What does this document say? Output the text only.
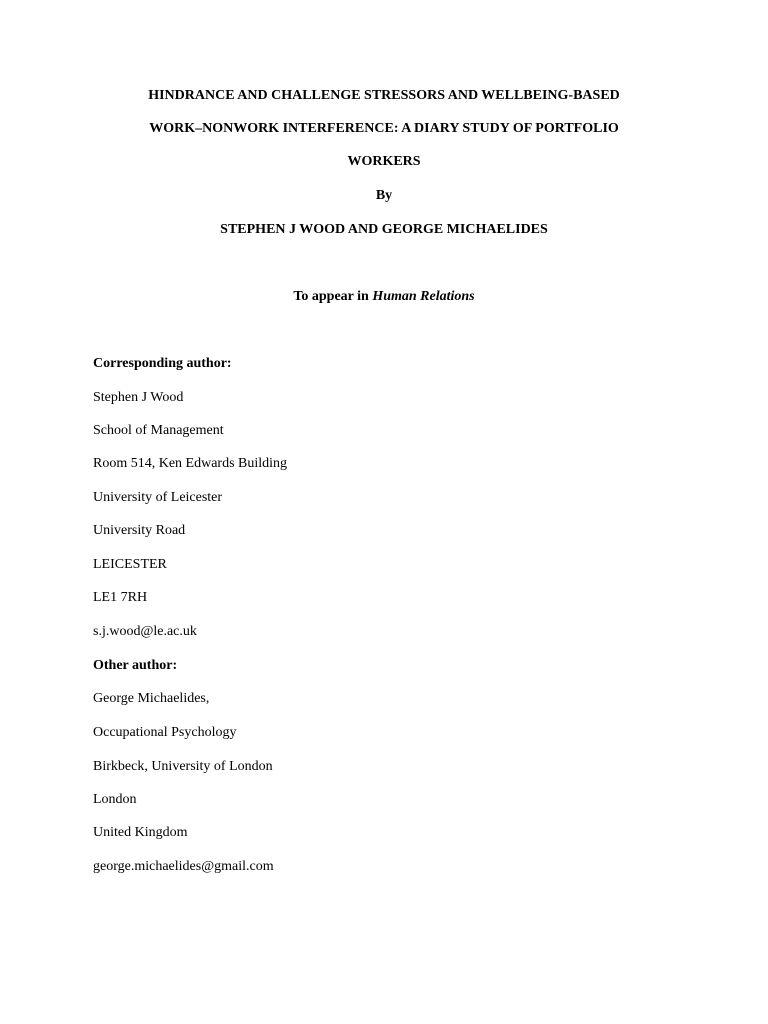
HINDRANCE AND CHALLENGE STRESSORS AND WELLBEING-BASED
WORK–NONWORK INTERFERENCE: A DIARY STUDY OF PORTFOLIO
WORKERS
By
STEPHEN J WOOD AND GEORGE MICHAELIDES
To appear in Human Relations
Corresponding author:
Stephen J Wood
School of Management
Room 514, Ken Edwards Building
University of Leicester
University Road
LEICESTER
LE1 7RH
s.j.wood@le.ac.uk
Other author:
George Michaelides,
Occupational Psychology
Birkbeck, University of London
London
United Kingdom
george.michaelides@gmail.com
